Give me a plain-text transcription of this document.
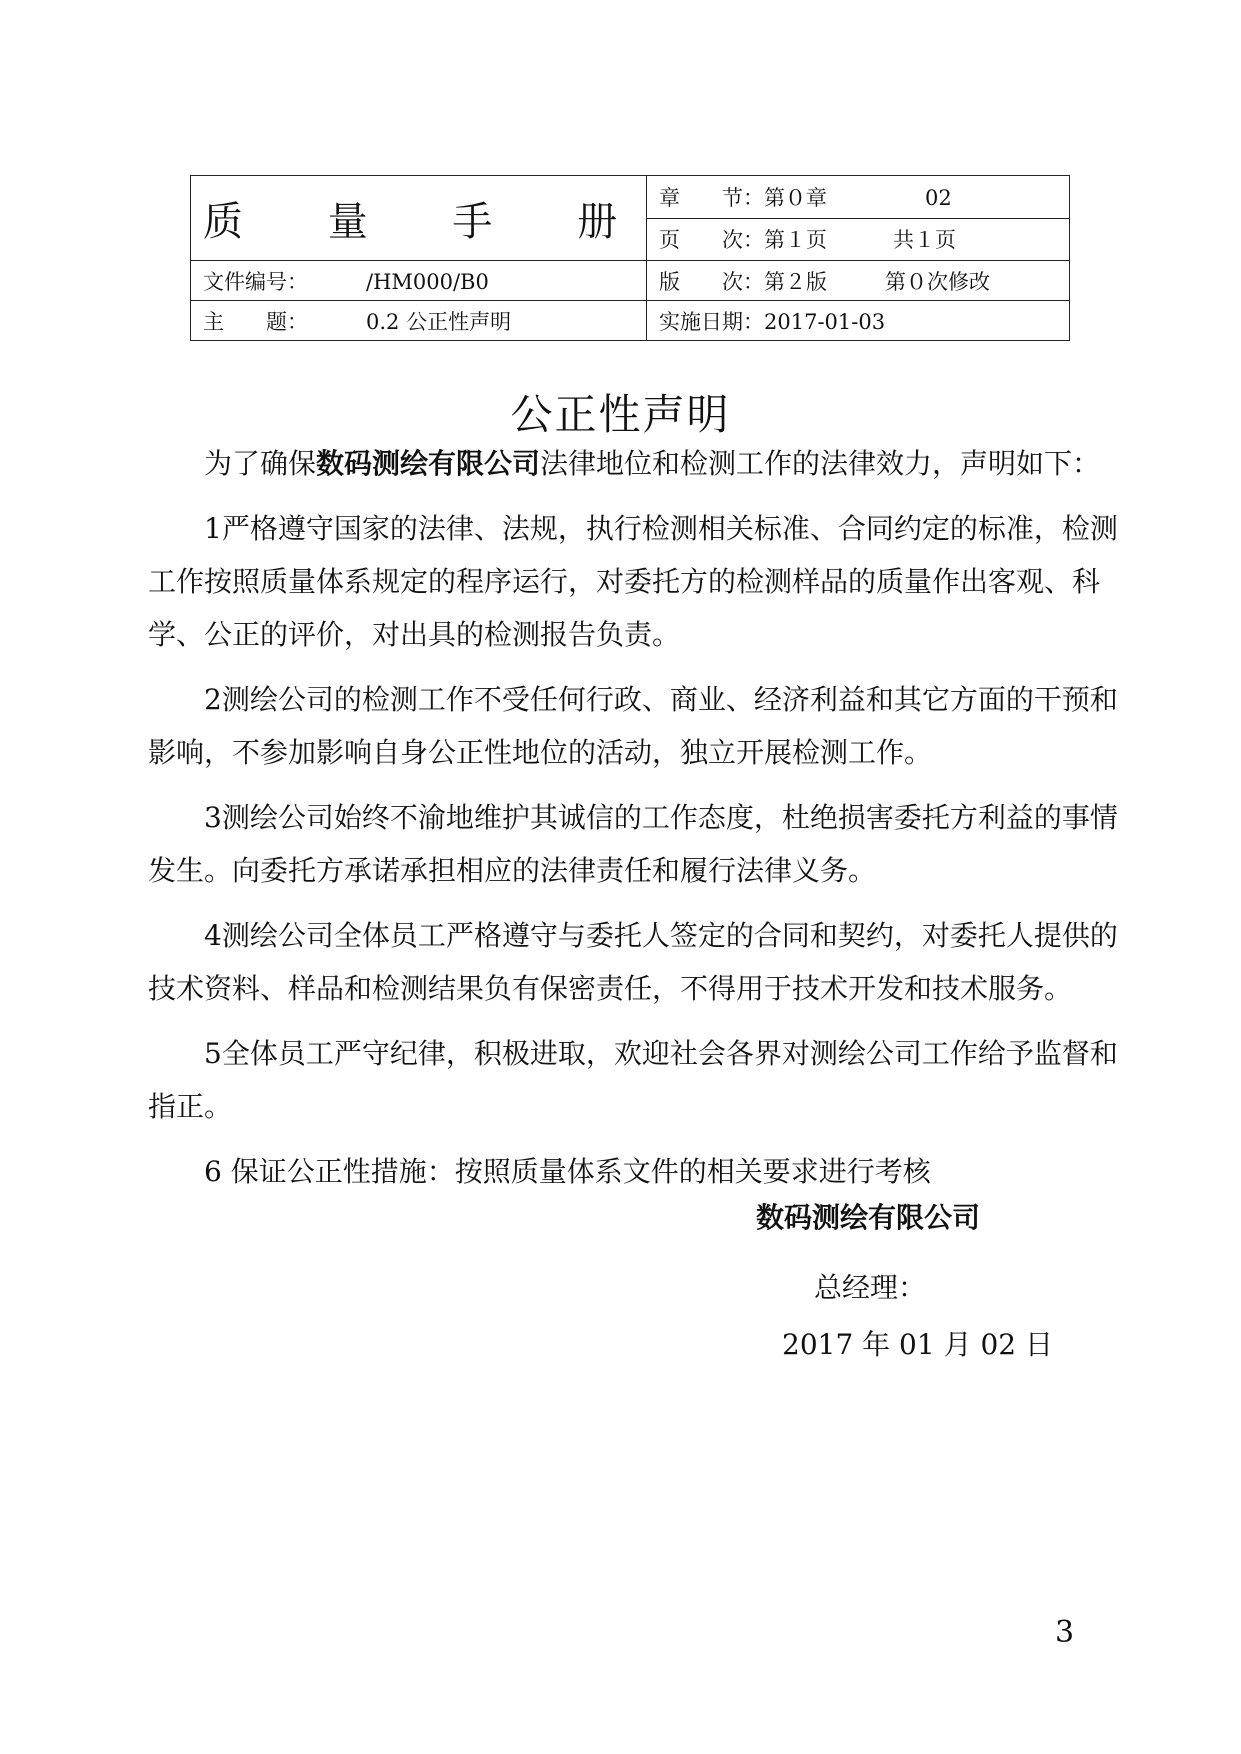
质 量 手 册	章　　节：第０章 02
	页　　次：第１页 共１页
文件编号： /HM000/B0	版　　次：第２版 第０次修改
主　　题： 0.2 公正性声明	实施日期：2017-01-03
公正性声明

为了确保数码测绘有限公司法律地位和检测工作的法律效力，声明如下：

1严格遵守国家的法律、法规，执行检测相关标准、合同约定的标准，检测工作按照质量体系规定的程序运行，对委托方的检测样品的质量作出客观、科学、公正的评价，对出具的检测报告负责。

2测绘公司的检测工作不受任何行政、商业、经济利益和其它方面的干预和影响，不参加影响自身公正性地位的活动，独立开展检测工作。

3测绘公司始终不渝地维护其诚信的工作态度，杜绝损害委托方利益的事情发生。向委托方承诺承担相应的法律责任和履行法律义务。

4测绘公司全体员工严格遵守与委托人签定的合同和契约，对委托人提供的技术资料、样品和检测结果负有保密责任，不得用于技术开发和技术服务。

5全体员工严守纪律，积极进取，欢迎社会各界对测绘公司工作给予监督和指正。

6 保证公正性措施：按照质量体系文件的相关要求进行考核

数码测绘有限公司
总经理：
2017 年 01 月 02 日
3
